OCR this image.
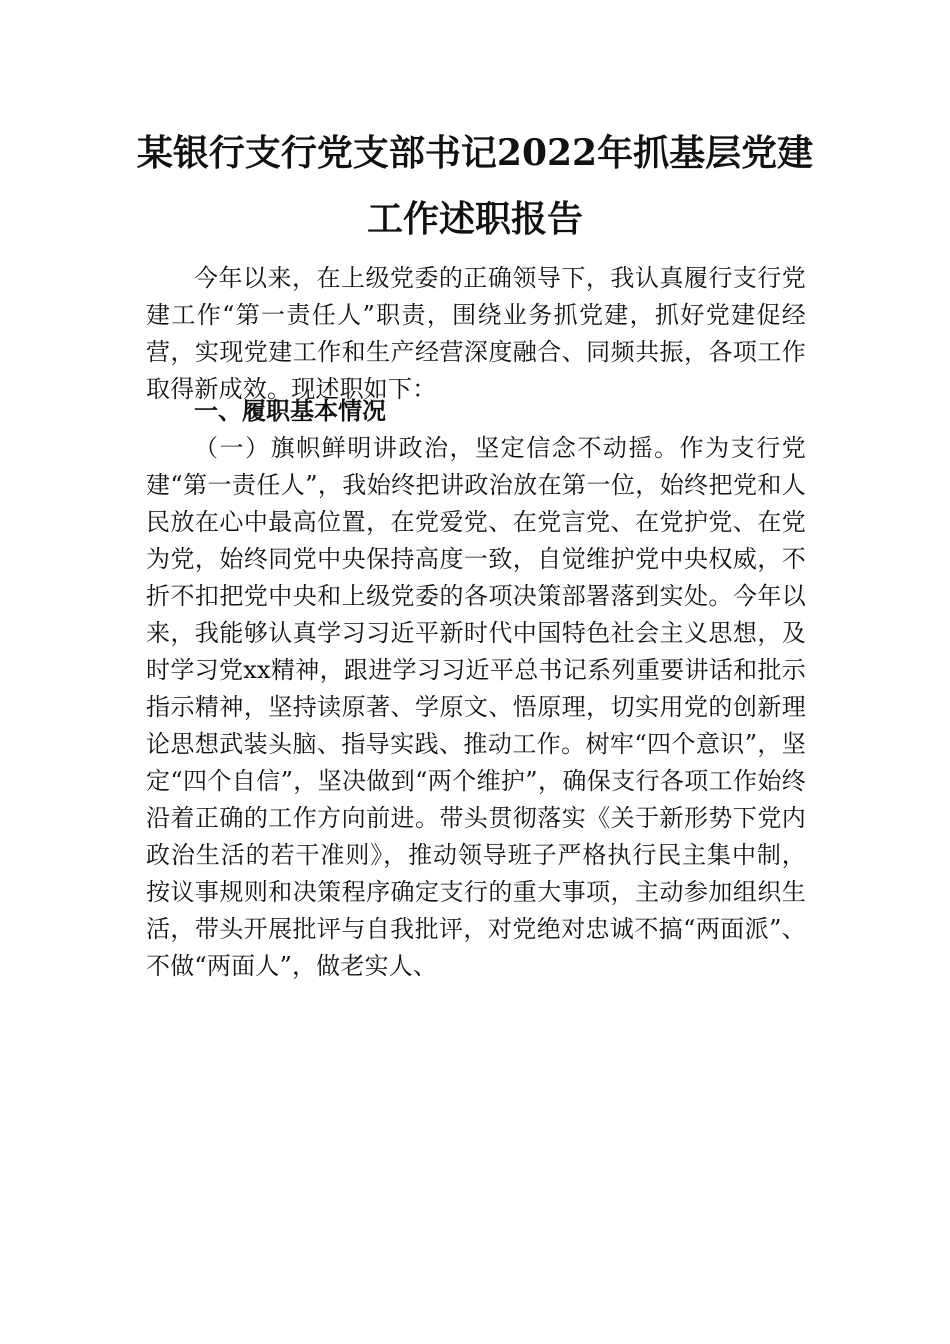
某银行支行党支部书记2022年抓基层党建
工作述职报告
今年以来，在上级党委的正确领导下，我认真履行支行党建工作“第一责任人”职责，围绕业务抓党建，抓好党建促经营，实现党建工作和生产经营深度融合、同频共振，各项工作取得新成效。现述职如下：
一、履职基本情况
（一）旗帜鲜明讲政治，坚定信念不动摇。作为支行党建“第一责任人”，我始终把讲政治放在第一位，始终把党和人民放在心中最高位置，在党爱党、在党言党、在党护党、在党为党，始终同党中央保持高度一致，自觉维护党中央权威，不折不扣把党中央和上级党委的各项决策部署落到实处。今年以来，我能够认真学习习近平新时代中国特色社会主义思想，及时学习党xx精神，跟进学习习近平总书记系列重要讲话和批示指示精神，坚持读原著、学原文、悟原理，切实用党的创新理论思想武装头脑、指导实践、推动工作。树牢“四个意识”，坚定“四个自信”，坚决做到“两个维护”，确保支行各项工作始终沿着正确的工作方向前进。带头贯彻落实《关于新形势下党内政治生活的若干准则》，推动领导班子严格执行民主集中制，按议事规则和决策程序确定支行的重大事项，主动参加组织生活，带头开展批评与自我批评，对党绝对忠诚不搞“两面派”、不做“两面人”，做老实人、
